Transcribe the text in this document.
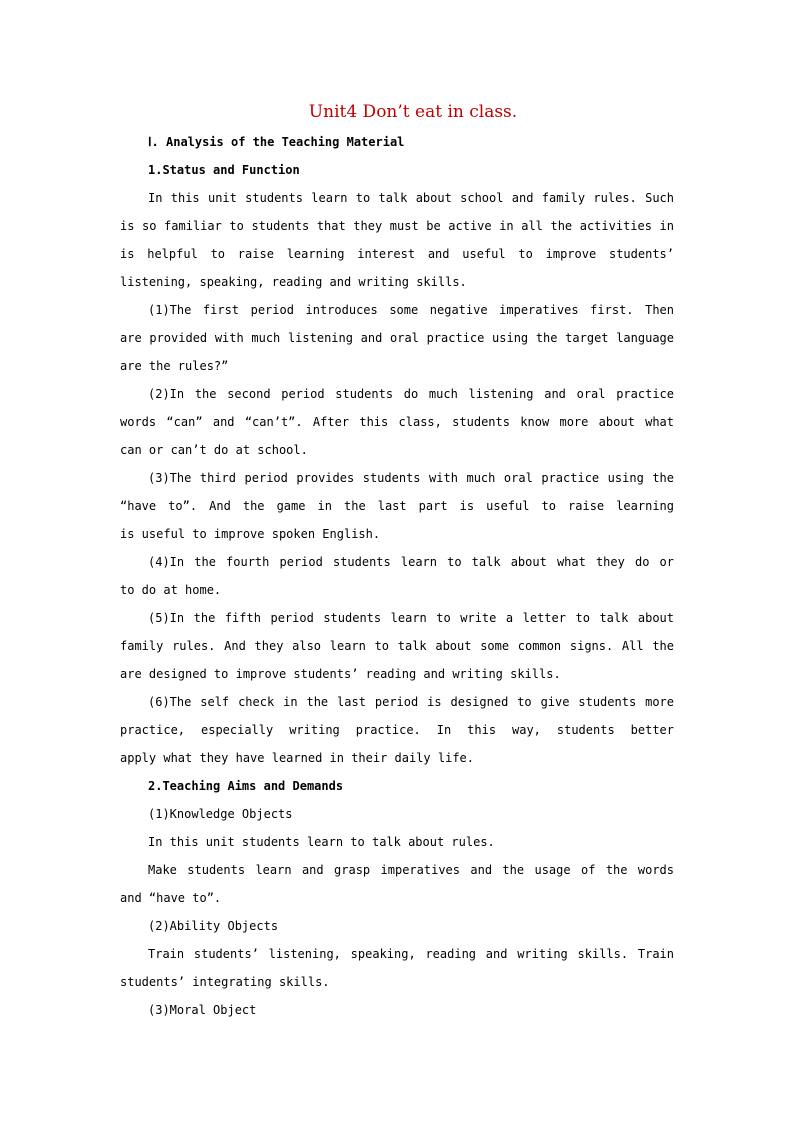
Unit4 Don’t eat in class.
Ⅰ. Analysis of the Teaching Material
1.Status and Function
In this unit students learn to talk about school and family rules. Such
is so familiar to students that they must be active in all the activities in
is helpful to raise learning interest and useful to improve students’
listening, speaking, reading and writing skills.
(1)The first period introduces some negative imperatives first. Then
are provided with much listening and oral practice using the target language
are the rules?”
(2)In the second period students do much listening and oral practice
words “can” and “can’t”. After this class, students know more about what
can or can’t do at school.
(3)The third period provides students with much oral practice using the
“have to”. And the game in the last part is useful to raise learning
is useful to improve spoken English.
(4)In the fourth period students learn to talk about what they do or
to do at home.
(5)In the fifth period students learn to write a letter to talk about
family rules. And they also learn to talk about some common signs. All the
are designed to improve students’ reading and writing skills.
(6)The self check in the last period is designed to give students more
practice, especially writing practice. In this way, students better
apply what they have learned in their daily life.
2.Teaching Aims and Demands
(1)Knowledge Objects
In this unit students learn to talk about rules.
Make students learn and grasp imperatives and the usage of the words
and “have to”.
(2)Ability Objects
Train students’ listening, speaking, reading and writing skills. Train
students’ integrating skills.
(3)Moral Object
